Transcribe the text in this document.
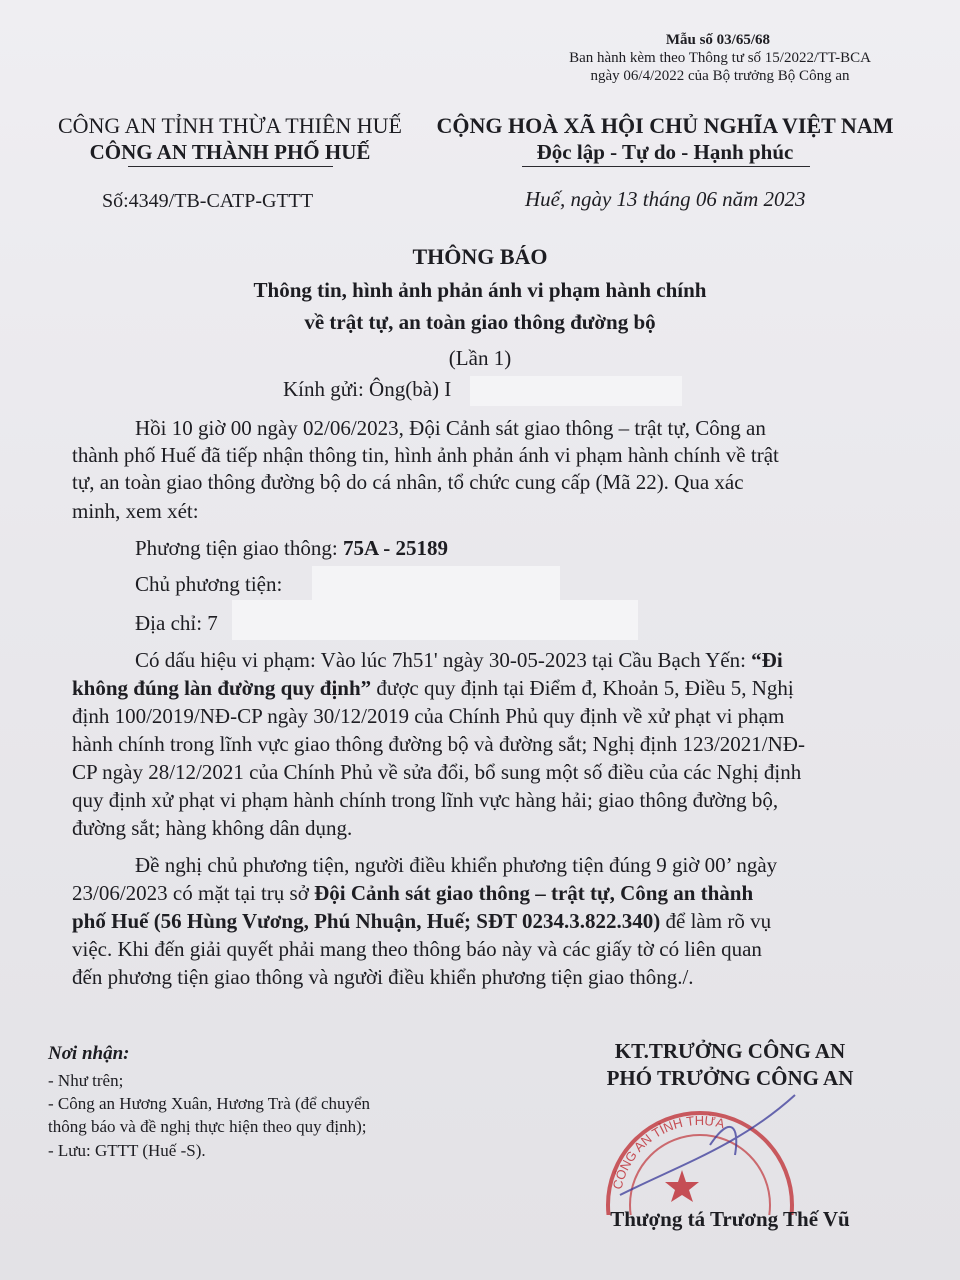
Mẫu số 03/65/68
Ban hành kèm theo Thông tư số 15/2022/TT-BCA
ngày 06/4/2022 của Bộ trưởng Bộ Công an
CÔNG AN TỈNH THỪA THIÊN HUẾ
CÔNG AN THÀNH PHỐ HUẾ
CỘNG HOÀ XÃ HỘI CHỦ NGHĨA VIỆT NAM
Độc lập - Tự do - Hạnh phúc
Số:4349/TB-CATP-GTTT	Huế, ngày 13 tháng 06 năm 2023
THÔNG BÁO
Thông tin, hình ảnh phản ánh vi phạm hành chính
về trật tự, an toàn giao thông đường bộ
(Lần 1)
Kính gửi: Ông(bà) I
Hồi 10 giờ 00 ngày 02/06/2023, Đội Cảnh sát giao thông – trật tự, Công an
thành phố Huế đã tiếp nhận thông tin, hình ảnh phản ánh vi phạm hành chính về trật
tự, an toàn giao thông đường bộ do cá nhân, tổ chức cung cấp (Mã 22). Qua xác
minh, xem xét:
Phương tiện giao thông: 75A - 25189
Chủ phương tiện:
Địa chỉ: 7
Có dấu hiệu vi phạm: Vào lúc 7h51' ngày 30-05-2023 tại Cầu Bạch Yến: “Đi
không đúng làn đường quy định” được quy định tại Điểm đ, Khoản 5, Điều 5, Nghị
định 100/2019/NĐ-CP ngày 30/12/2019 của Chính Phủ quy định về xử phạt vi phạm
hành chính trong lĩnh vực giao thông đường bộ và đường sắt; Nghị định 123/2021/NĐ-
CP ngày 28/12/2021 của Chính Phủ về sửa đổi, bổ sung một số điều của các Nghị định
quy định xử phạt vi phạm hành chính trong lĩnh vực hàng hải; giao thông đường bộ,
đường sắt; hàng không dân dụng.
Đề nghị chủ phương tiện, người điều khiển phương tiện đúng 9 giờ 00’ ngày
23/06/2023 có mặt tại trụ sở Đội Cảnh sát giao thông – trật tự, Công an thành
phố Huế (56 Hùng Vương, Phú Nhuận, Huế; SĐT 0234.3.822.340) để làm rõ vụ
việc. Khi đến giải quyết phải mang theo thông báo này và các giấy tờ có liên quan
đến phương tiện giao thông và người điều khiển phương tiện giao thông./.
Nơi nhận:
- Như trên;
- Công an Hương Xuân, Hương Trà (để chuyển
thông báo và đề nghị thực hiện theo quy định);
- Lưu: GTTT (Huế -S).
KT.TRƯỞNG CÔNG AN
PHÓ TRƯỞNG CÔNG AN
CÔNG AN TỈNH THỪA
Thượng tá Trương Thế Vũ
